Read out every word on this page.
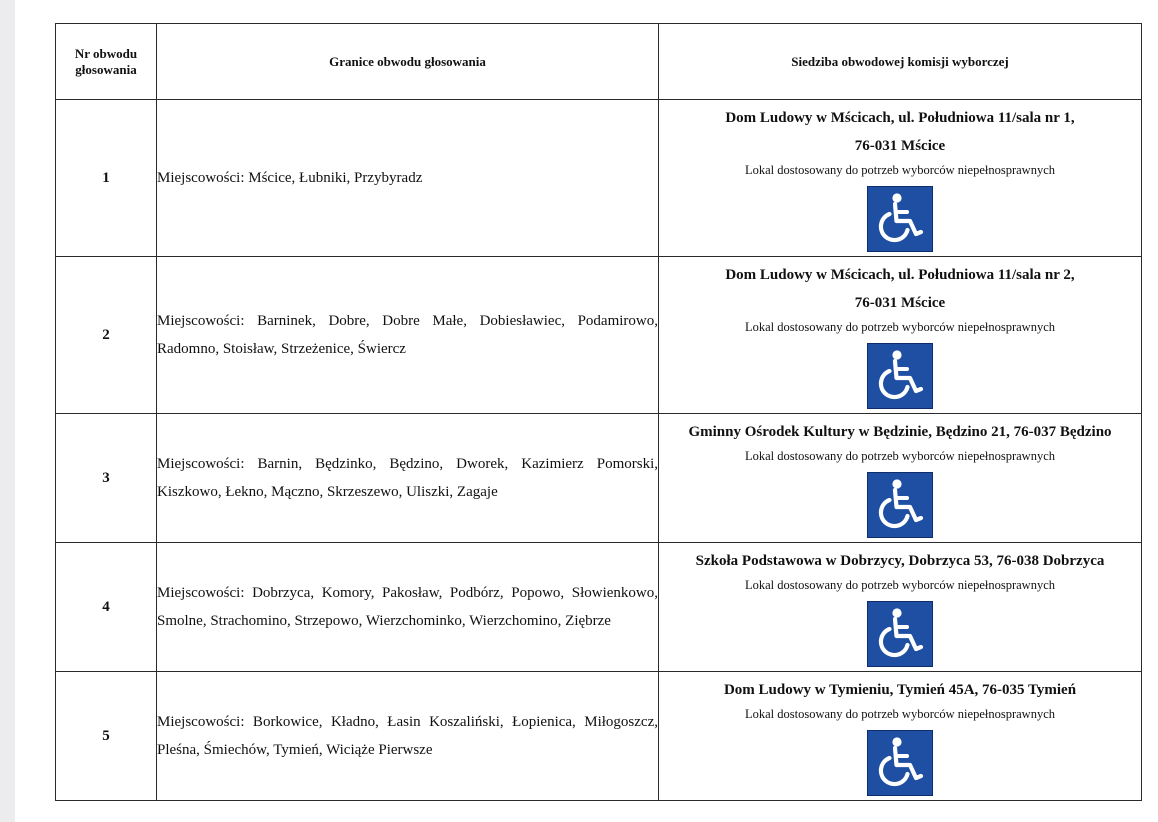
Nr obwodu głosowania	Granice obwodu głosowania	Siedziba obwodowej komisji wyborczej
1	Miejscowości: Mścice, Łubniki, Przybyradz	Dom Ludowy w Mścicach, ul. Południowa 11/sala nr 1,
76-031 Mścice
Lokal dostosowany do potrzeb wyborców niepełnosprawnych

2	Miejscowości: Barninek, Dobre, Dobre Małe, Dobiesławiec, Podamirowo, Radomno, Stoisław, Strzeżenice, Świercz	Dom Ludowy w Mścicach, ul. Południowa 11/sala nr 2,
76-031 Mścice
Lokal dostosowany do potrzeb wyborców niepełnosprawnych

3	Miejscowości: Barnin, Będzinko, Będzino, Dworek, Kazimierz Pomorski, Kiszkowo, Łekno, Mączno, Skrzeszewo, Uliszki, Zagaje	Gminny Ośrodek Kultury w Będzinie, Będzino 21, 76-037 Będzino
Lokal dostosowany do potrzeb wyborców niepełnosprawnych

4	Miejscowości: Dobrzyca, Komory, Pakosław, Podbórz, Popowo, Słowienkowo, Smolne, Strachomino, Strzepowo, Wierzchominko, Wierzchomino, Ziębrze	Szkoła Podstawowa w Dobrzycy, Dobrzyca 53, 76-038 Dobrzyca
Lokal dostosowany do potrzeb wyborców niepełnosprawnych

5	Miejscowości: Borkowice, Kładno, Łasin Koszaliński, Łopienica, Miłogoszcz, Pleśna, Śmiechów, Tymień, Wiciąże Pierwsze	Dom Ludowy w Tymieniu, Tymień 45A, 76-035 Tymień
Lokal dostosowany do potrzeb wyborców niepełnosprawnych
